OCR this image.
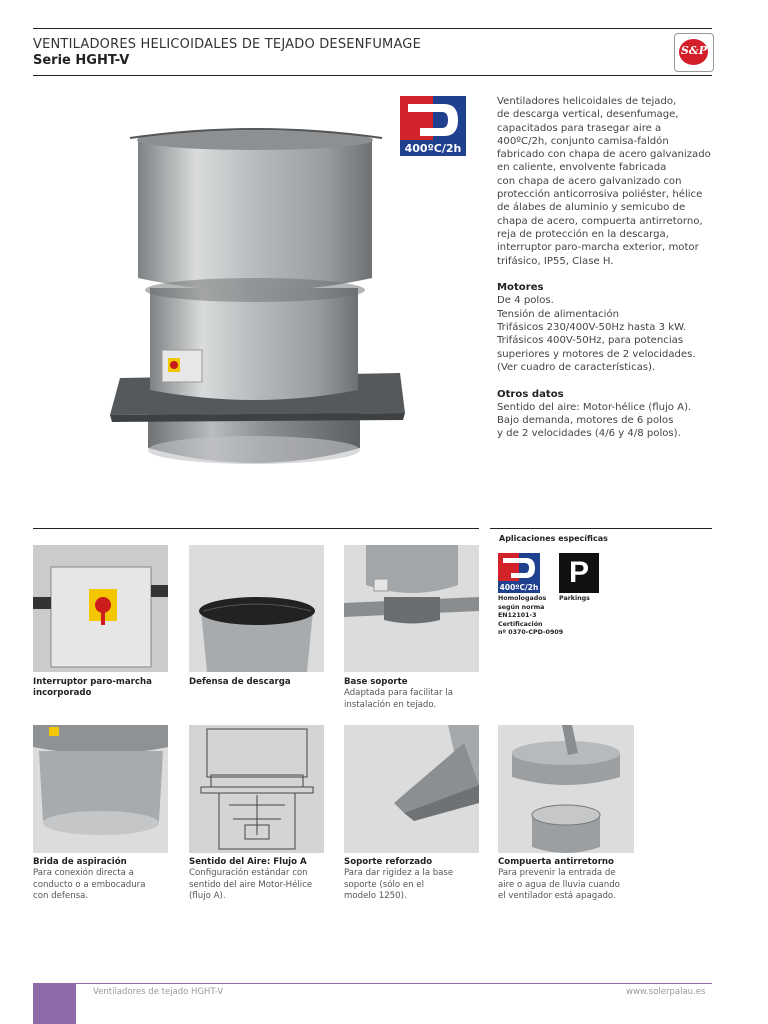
VENTILADORES HELICOIDALES DE TEJADO DESENFUMAGE
Serie HGHT-V
S&P
400ºC/2h
Ventiladores helicoidales de tejado,
de descarga vertical, desenfumage,
capacitados para trasegar aire a
400ºC/2h, conjunto camisa-faldón
fabricado con chapa de acero galvanizado
en caliente, envolvente fabricada
con chapa de acero galvanizado con
protección anticorrosiva poliéster, hélice
de álabes de aluminio y semicubo de
chapa de acero, compuerta antirretorno,
reja de protección en la descarga,
interruptor paro-marcha exterior, motor
trifásico, IP55, Clase H.

Motores
De 4 polos.
Tensión de alimentación
Trifásicos 230/400V-50Hz hasta 3 kW.
Trifásicos 400V-50Hz, para potencias
superiores y motores de 2 velocidades.
(Ver cuadro de características).

Otros datos
Sentido del aire: Motor-hélice (flujo A).
Bajo demanda, motores de 6 polos
y de 2 velocidades (4/6 y 4/8 polos).
Aplicaciones específicas
400ºC/2h
Homologados
según norma
EN12101-3
Certificación
nº 0370-CPD-0909
P
Parkings
Interruptor paro-marcha
incorporado
Defensa de descarga	Base soporte
Adaptada para facilitar la
instalación en tejado.
Brida de aspiración
Para conexión directa a
conducto o a embocadura
con defensa.
Sentido del Aire: Flujo A
Configuración estándar con
sentido del aire Motor-Hélice
(flujo A).
Soporte reforzado
Para dar rigidez a la base
soporte (sólo en el
modelo 1250).
Compuerta antirretorno
Para prevenir la entrada de
aire o agua de lluvia cuando
el ventilador está apagado.
Ventiladores de tejado HGHT-V	www.solerpalau.es
